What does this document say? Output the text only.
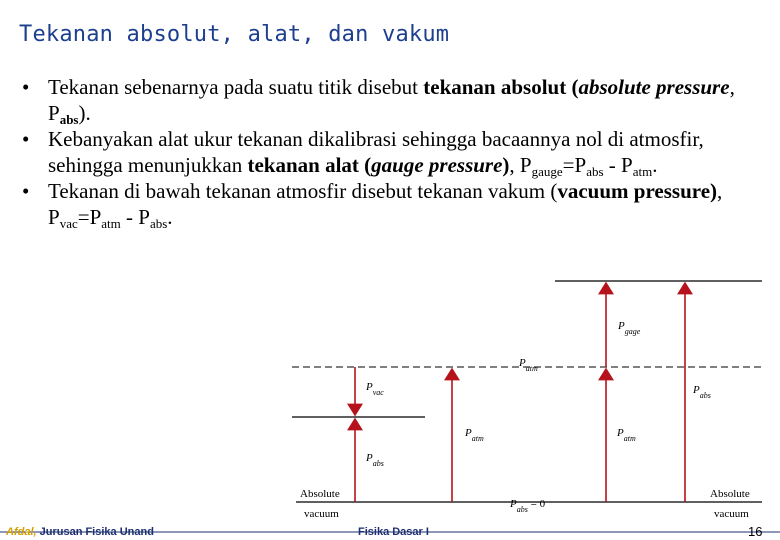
Tekanan absolut, alat, dan vakum
• Tekanan sebenarnya pada suatu titik disebut tekanan absolut (absolute pressure, $P_{abs}$).
• Kebanyakan alat ukur tekanan dikalibrasi sehingga bacaannya nol di atmosfir, sehingga menunjukkan tekanan alat (gauge pressure), $P_{gauge}=P_{abs} - P_{atm}$.
• Tekanan di bawah tekanan atmosfir disebut tekanan vakum (vacuum pressure), $P_{vac}=P_{atm} - P_{abs}$.
$P_{gage}$
$P_{atm}$
$P_{vac}$	$P_{abs}$
$P_{atm}$	$P_{atm}$
$P_{abs}$
Absolute
vacuum
Absolute
vacuum
$P_{abs} = 0$
Afdal, Jurusan Fisika Unand	Fisika Dasar I	16
